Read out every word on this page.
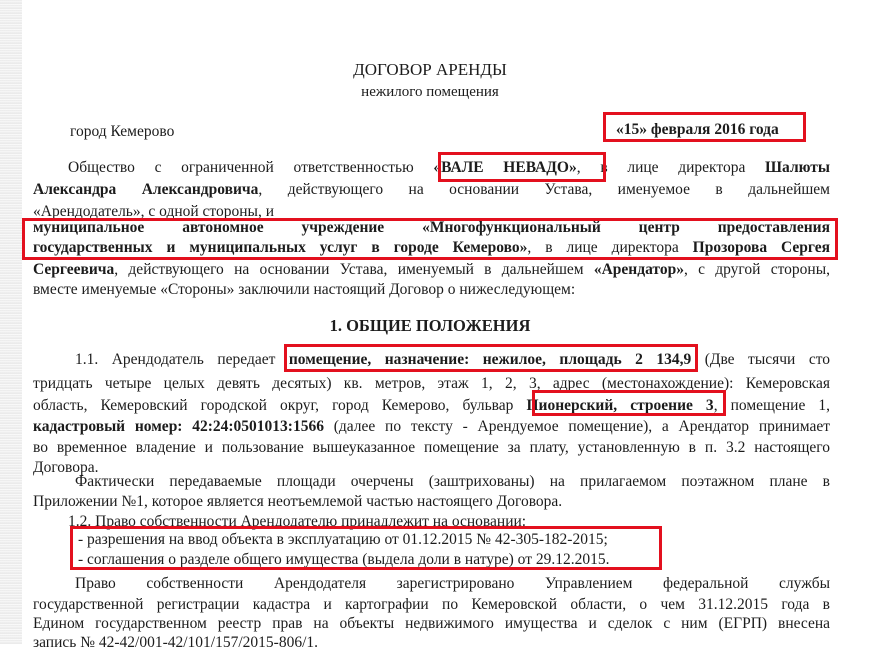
ДОГОВОР АРЕНДЫ
нежилого помещения
город Кемерово	«15» февраля 2016 года
Общество с ограниченной ответственностью «ВАЛЕ НЕВАДО», в лице директора Шалюты
Александра Александровича, действующего на основании Устава, именуемое в дальнейшем
«Арендодатель», с одной стороны, и
муниципальное автономное учреждение «Многофункциональный центр предоставления
государственных и муниципальных услуг в городе Кемерово», в лице директора Прозорова Сергея
Сергеевича, действующего на основании Устава, именуемый в дальнейшем «Арендатор», с другой стороны,
вместе именуемые «Стороны» заключили настоящий Договор о нижеследующем:
1. ОБЩИЕ ПОЛОЖЕНИЯ
1.1. Арендодатель передает помещение, назначение: нежилое, площадь 2 134,9 (Две тысячи сто
тридцать четыре целых девять десятых) кв. метров, этаж 1, 2, 3, адрес (местонахождение): Кемеровская
область, Кемеровский городской округ, город Кемерово, бульвар Пионерский, строение 3, помещение 1,
кадастровый номер: 42:24:0501013:1566 (далее по тексту - Арендуемое помещение), а Арендатор принимает
во временное владение и пользование вышеуказанное помещение за плату, установленную в п. 3.2 настоящего
Договора.
Фактически передаваемые площади очерчены (заштрихованы) на прилагаемом поэтажном плане в
Приложении №1, которое является неотъемлемой частью настоящего Договора.
1.2. Право собственности Арендодателю принадлежит на основании:
- разрешения на ввод объекта в эксплуатацию от 01.12.2015 № 42-305-182-2015;
- соглашения о разделе общего имущества (выдела доли в натуре) от 29.12.2015.
Право собственности Арендодателя зарегистрировано Управлением федеральной службы
государственной регистрации кадастра и картографии по Кемеровской области, о чем 31.12.2015 года в
Едином государственном реестр прав на объекты недвижимого имущества и сделок с ним (ЕГРП) внесена
запись № 42-42/001-42/101/157/2015-806/1.
